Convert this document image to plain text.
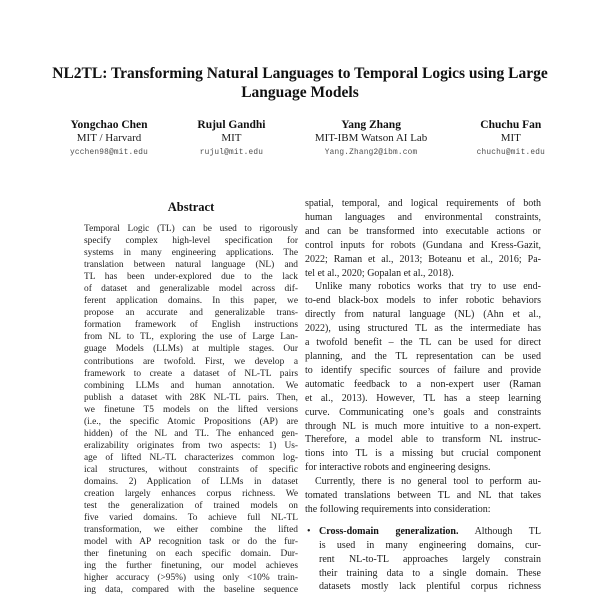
NL2TL: Transforming Natural Languages to Temporal Logics using Large Language Models
Yongchao Chen
MIT / Harvard
ycchen98@mit.edu
Rujul Gandhi
MIT
rujul@mit.edu
Yang Zhang
MIT-IBM Watson AI Lab
Yang.Zhang2@ibm.com
Chuchu Fan
MIT
chuchu@mit.edu
Abstract
Temporal Logic (TL) can be used to rigorously
specify complex high-level specification for
systems in many engineering applications. The
translation between natural language (NL) and
TL has been under-explored due to the lack
of dataset and generalizable model across dif-
ferent application domains. In this paper, we
propose an accurate and generalizable trans-
formation framework of English instructions
from NL to TL, exploring the use of Large Lan-
guage Models (LLMs) at multiple stages. Our
contributions are twofold. First, we develop a
framework to create a dataset of NL-TL pairs
combining LLMs and human annotation. We
publish a dataset with 28K NL-TL pairs. Then,
we finetune T5 models on the lifted versions
(i.e., the specific Atomic Propositions (AP) are
hidden) of the NL and TL. The enhanced gen-
eralizability originates from two aspects: 1) Us-
age of lifted NL-TL characterizes common log-
ical structures, without constraints of specific
domains. 2) Application of LLMs in dataset
creation largely enhances corpus richness. We
test the generalization of trained models on
five varied domains. To achieve full NL-TL
transformation, we either combine the lifted
model with AP recognition task or do the fur-
ther finetuning on each specific domain. Dur-
ing the further finetuning, our model achieves
higher accuracy (>95%) using only <10% train-
ing data, compared with the baseline sequence
spatial, temporal, and logical requirements of both
human languages and environmental constraints,
and can be transformed into executable actions or
control inputs for robots (Gundana and Kress-Gazit,
2022; Raman et al., 2013; Boteanu et al., 2016; Pa-
tel et al., 2020; Gopalan et al., 2018).
Unlike many robotics works that try to use end-
to-end black-box models to infer robotic behaviors
directly from natural language (NL) (Ahn et al.,
2022), using structured TL as the intermediate has
a twofold benefit – the TL can be used for direct
planning, and the TL representation can be used
to identify specific sources of failure and provide
automatic feedback to a non-expert user (Raman
et al., 2013). However, TL has a steep learning
curve. Communicating one’s goals and constraints
through NL is much more intuitive to a non-expert.
Therefore, a model able to transform NL instruc-
tions into TL is a missing but crucial component
for interactive robots and engineering designs.
Currently, there is no general tool to perform au-
tomated translations between TL and NL that takes
the following requirements into consideration:
• Cross-domain generalization. Although TL
is used in many engineering domains, cur-
rent NL-to-TL approaches largely constrain
their training data to a single domain. These
datasets mostly lack plentiful corpus richness
